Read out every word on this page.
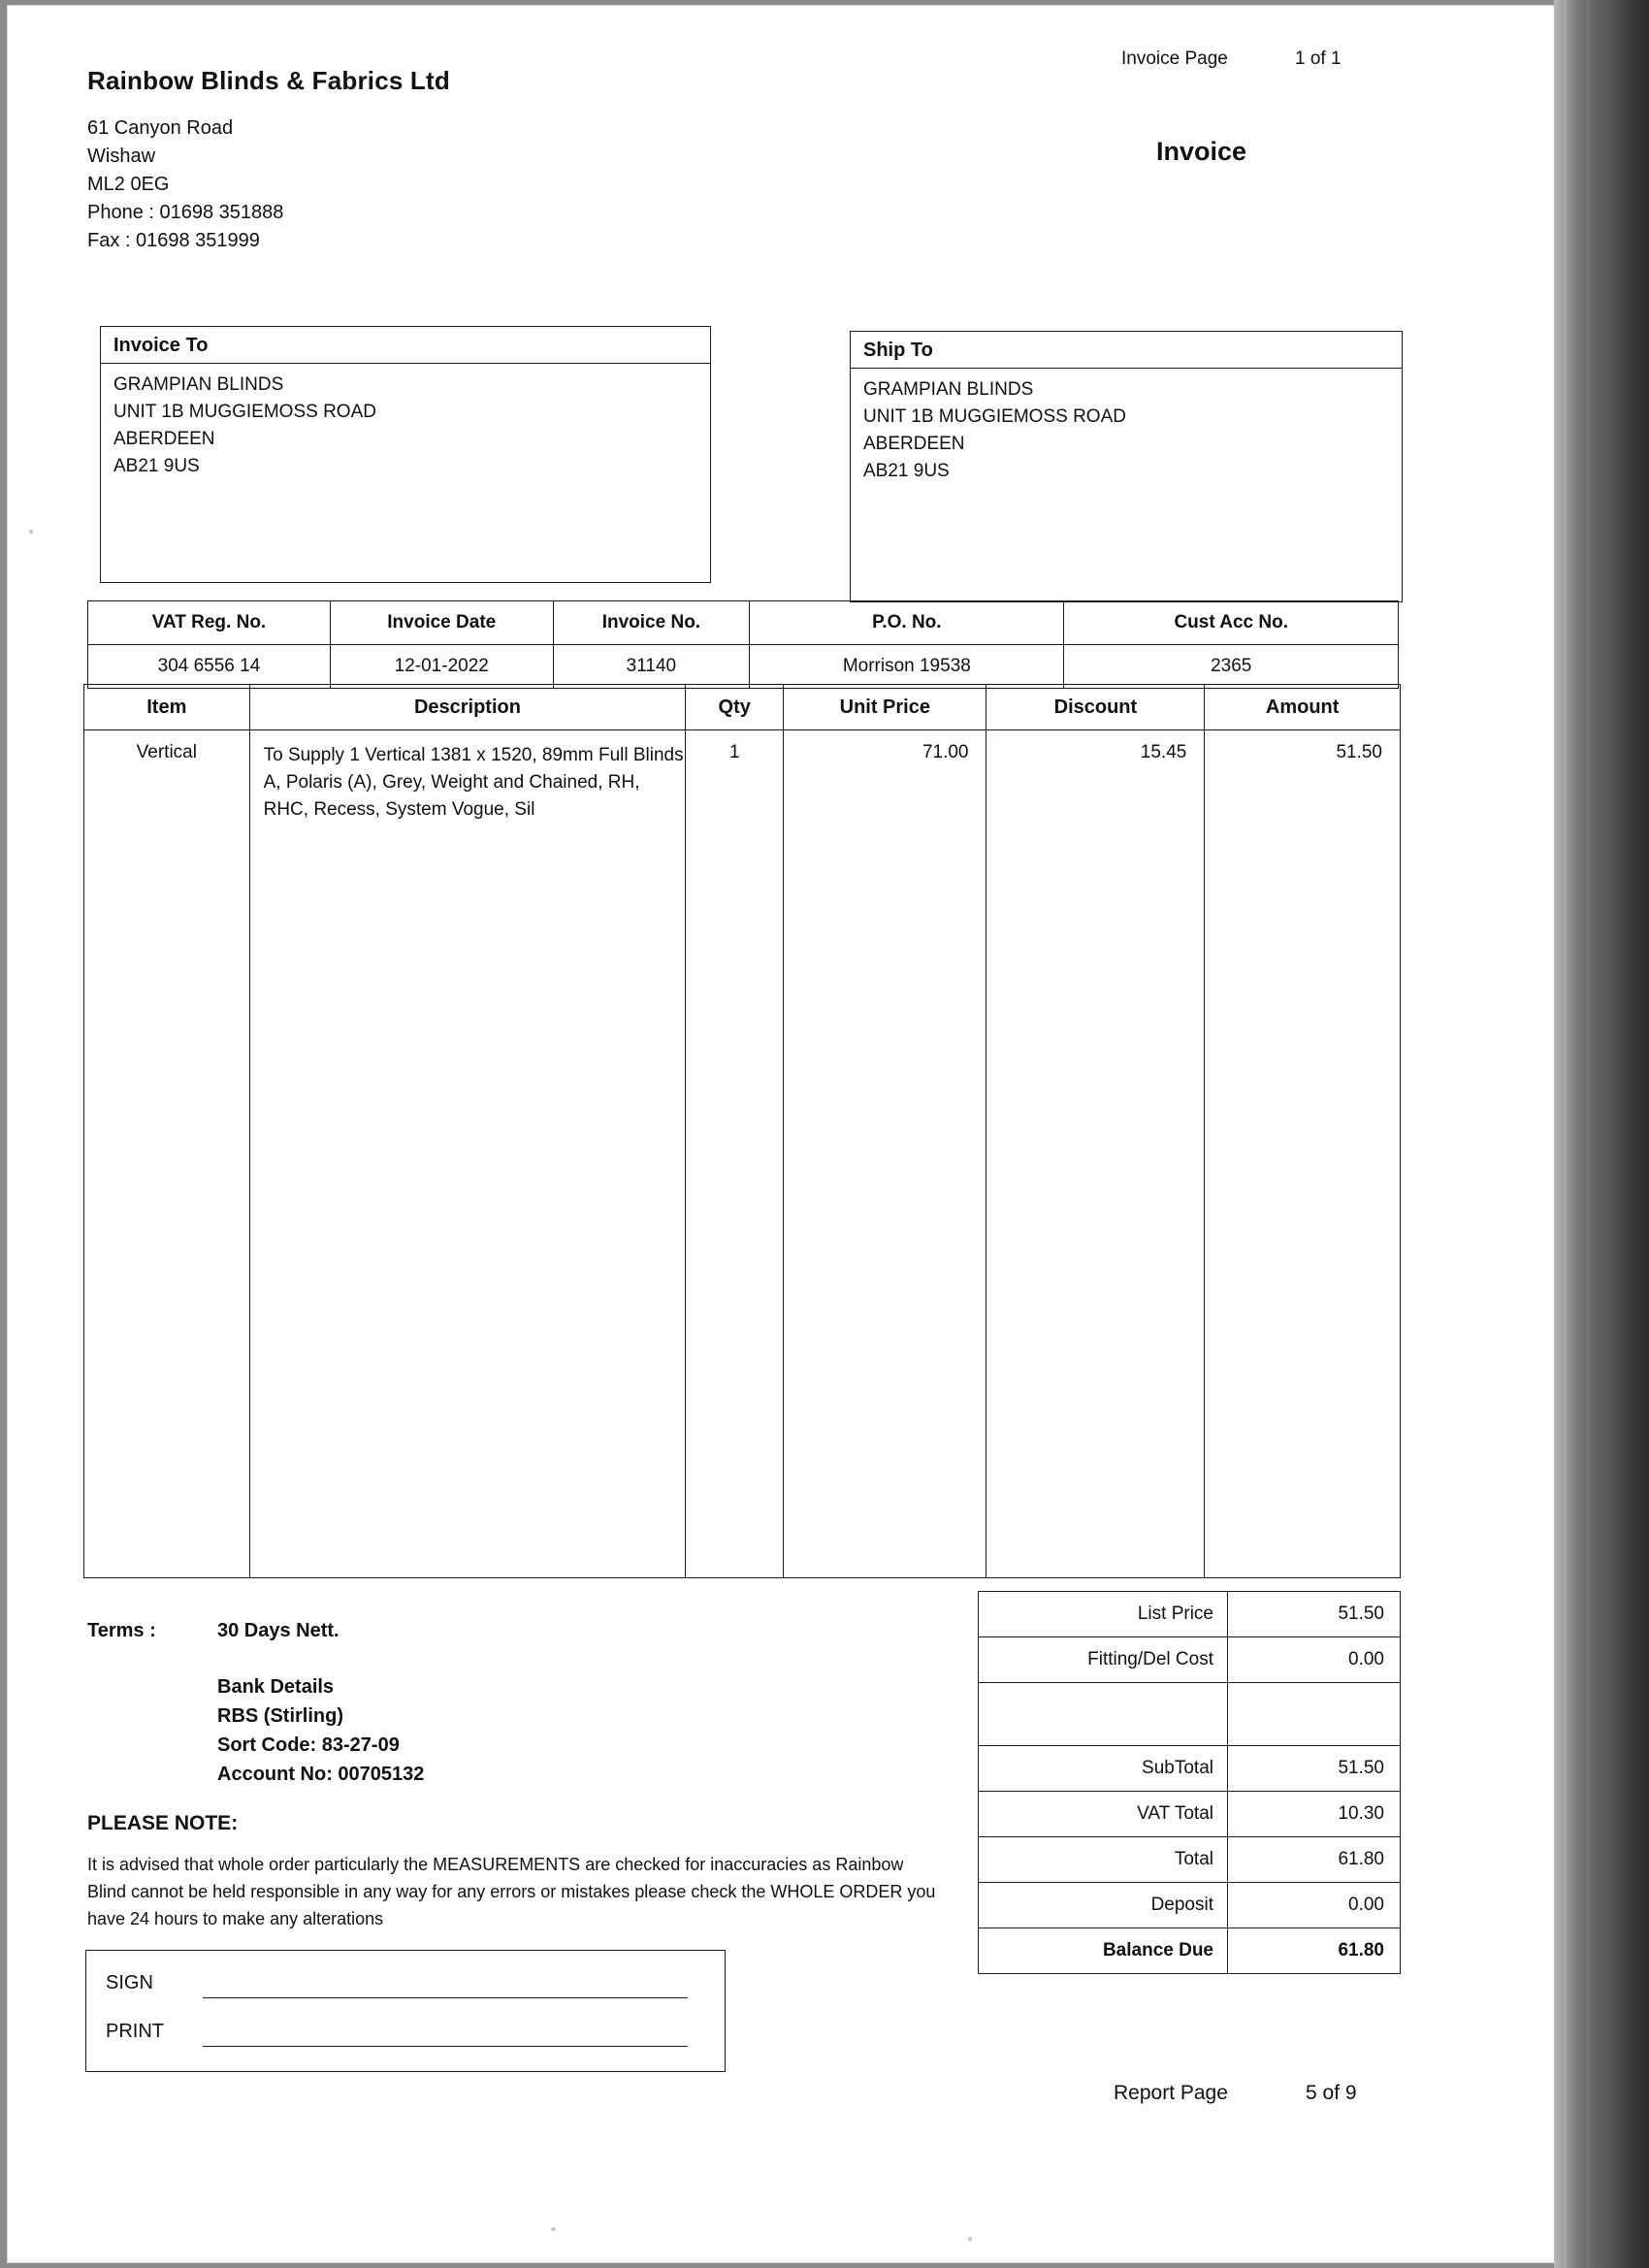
Rainbow Blinds & Fabrics Ltd
61 Canyon Road
Wishaw
ML2 0EG
Phone : 01698 351888
Fax : 01698 351999
Invoice Page	1 of 1
Invoice
Invoice To
GRAMPIAN BLINDS
UNIT 1B MUGGIEMOSS ROAD
ABERDEEN
AB21 9US
Ship To
GRAMPIAN BLINDS
UNIT 1B MUGGIEMOSS ROAD
ABERDEEN
AB21 9US
VAT Reg. No.	Invoice Date	Invoice No.	P.O. No.	Cust Acc No.
304 6556 14	12-01-2022	31140	Morrison 19538	2365
Item	Description	Qty	Unit Price	Discount	Amount
Vertical	To Supply 1 Vertical 1381 x 1520, 89mm Full Blinds A, Polaris (A), Grey, Weight and Chained, RH, RHC, Recess, System Vogue, Sil	1	71.00	15.45	51.50
Terms :	30 Days Nett.
Bank Details
RBS (Stirling)
Sort Code: 83-27-09
Account No: 00705132
PLEASE NOTE:
It is advised that whole order particularly the MEASUREMENTS are checked for inaccuracies as Rainbow Blind cannot be held responsible in any way for any errors or mistakes please check the WHOLE ORDER you have 24 hours to make any alterations
SIGN
PRINT
List Price	51.50
Fitting/Del Cost	0.00

SubTotal	51.50
VAT Total	10.30
Total	61.80
Deposit	0.00
Balance Due	61.80
Report Page	5 of 9
